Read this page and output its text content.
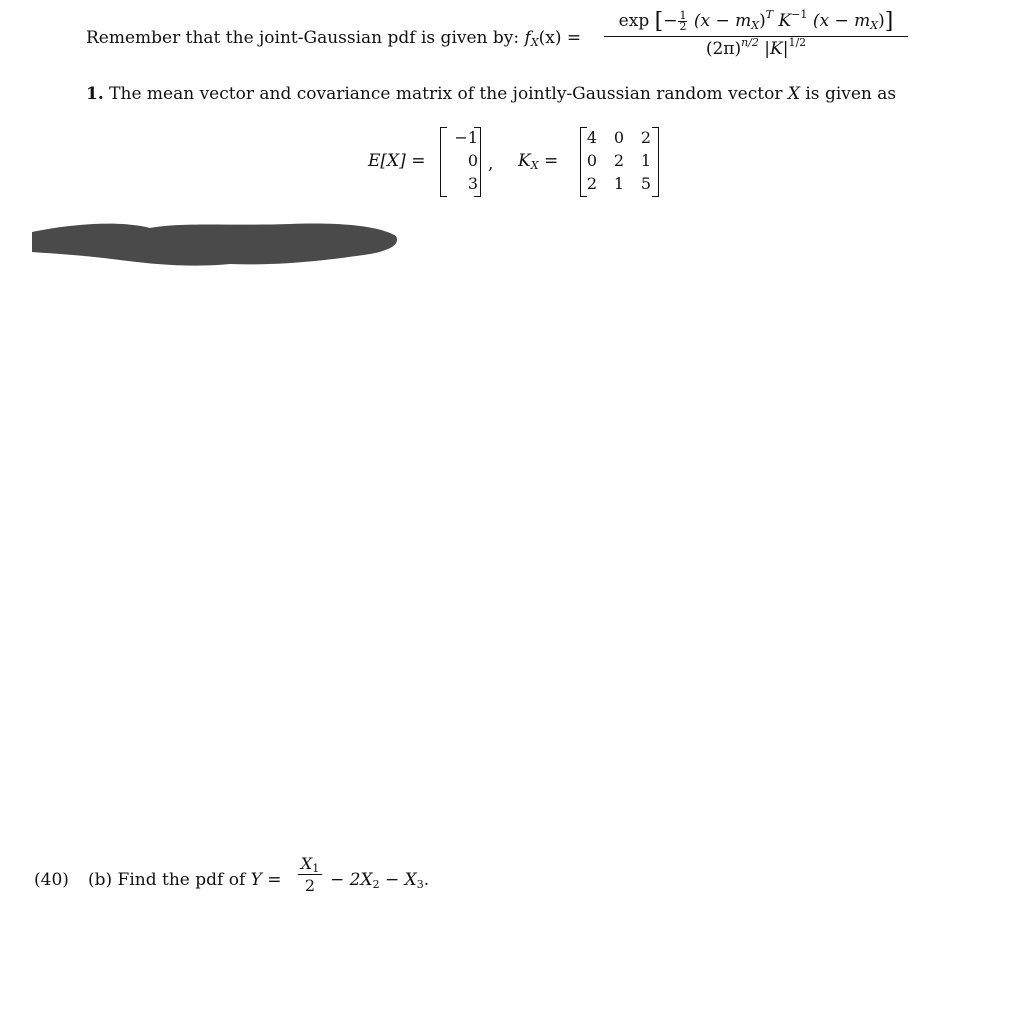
Remember that the joint-Gaussian pdf is given by: $f_X(x) = \frac{\exp [- \frac{1}{2} (x - m_X)^T K^{-1} (x - m_X)]}{(2\pi)^{n/2} |K|^{1/2}}$
1. The mean vector and covariance matrix of the jointly-Gaussian random vector X is given as
E[X] =
−1
0
3
, $K_X$ =
4 0 2
0 2 1
2 1 5
(40) (b) Find the pdf of $Y = \frac{X_1}{2} - 2X_2 - X_3$.
